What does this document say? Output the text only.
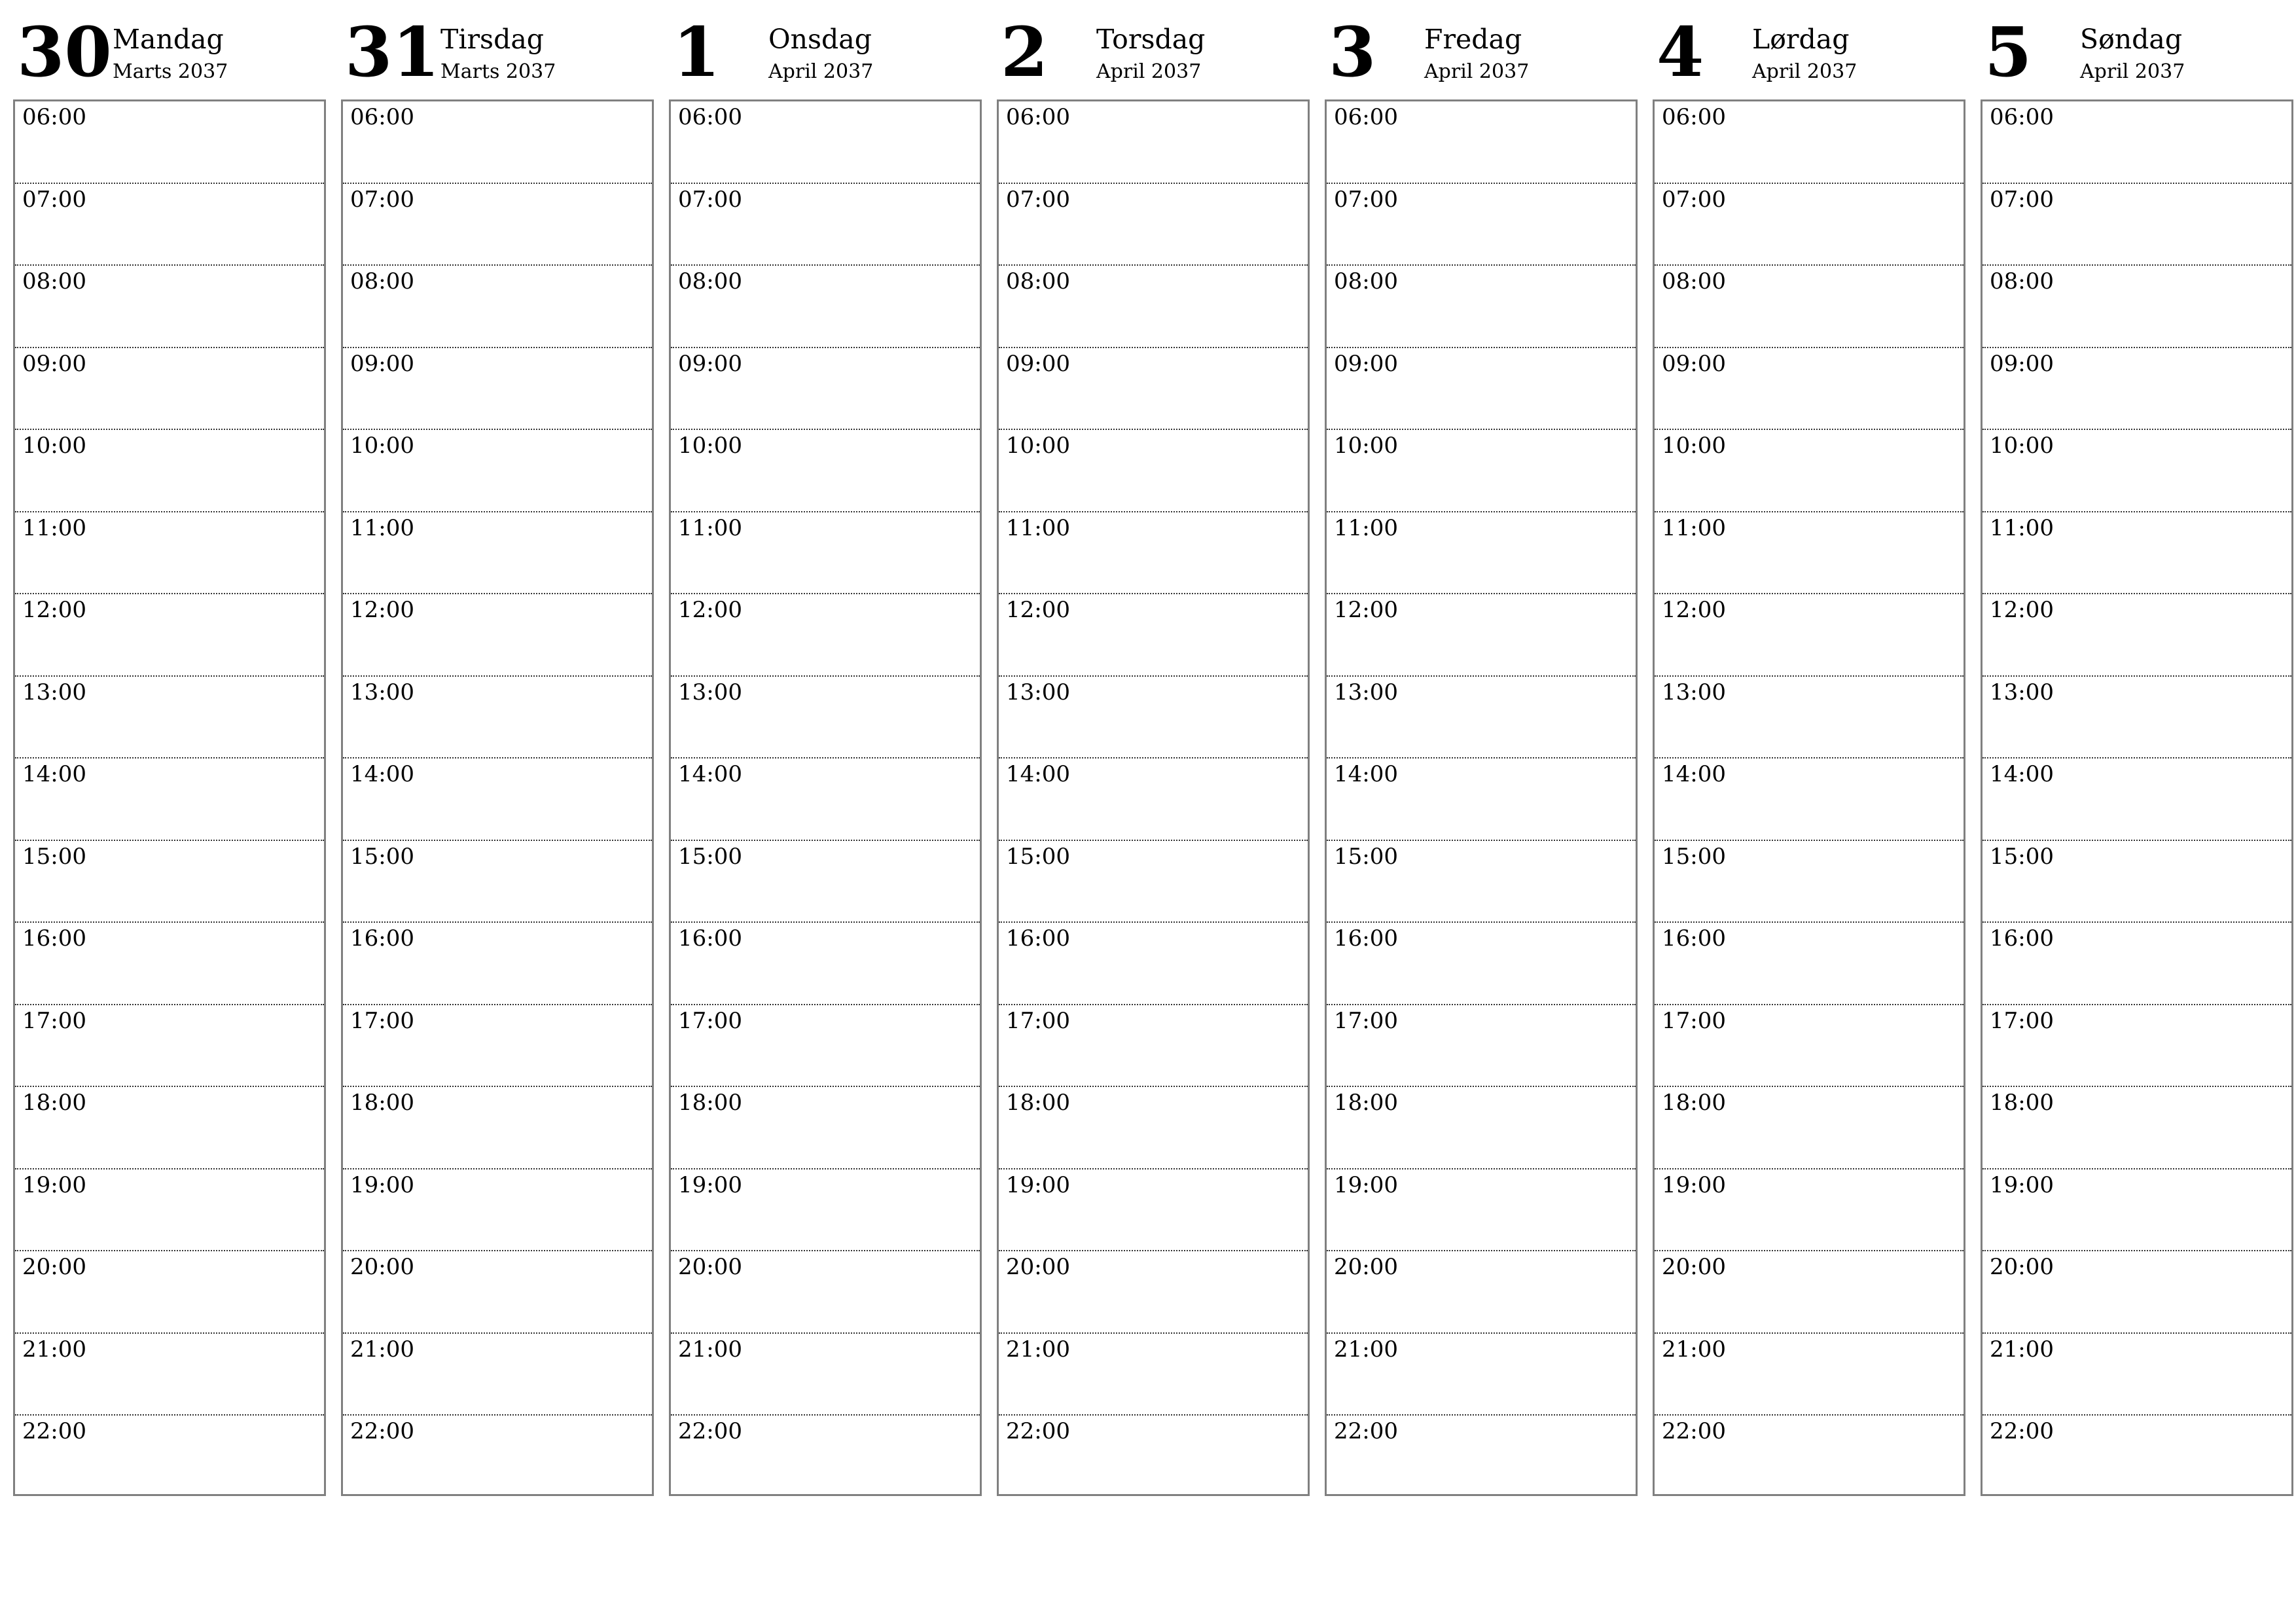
30 Mandag
Marts 2037
06:00
07:00
08:00
09:00
10:00
11:00
12:00
13:00
14:00
15:00
16:00
17:00
18:00
19:00
20:00
21:00
22:00
31 Tirsdag
Marts 2037
06:00
07:00
08:00
09:00
10:00
11:00
12:00
13:00
14:00
15:00
16:00
17:00
18:00
19:00
20:00
21:00
22:00
1	Onsdag
April 2037
06:00
07:00
08:00
09:00
10:00
11:00
12:00
13:00
14:00
15:00
16:00
17:00
18:00
19:00
20:00
21:00
22:00
2	Torsdag
April 2037
06:00
07:00
08:00
09:00
10:00
11:00
12:00
13:00
14:00
15:00
16:00
17:00
18:00
19:00
20:00
21:00
22:00
3	Fredag
April 2037
06:00
07:00
08:00
09:00
10:00
11:00
12:00
13:00
14:00
15:00
16:00
17:00
18:00
19:00
20:00
21:00
22:00
4	Lørdag
April 2037
06:00
07:00
08:00
09:00
10:00
11:00
12:00
13:00
14:00
15:00
16:00
17:00
18:00
19:00
20:00
21:00
22:00
5	Søndag
April 2037
06:00
07:00
08:00
09:00
10:00
11:00
12:00
13:00
14:00
15:00
16:00
17:00
18:00
19:00
20:00
21:00
22:00
